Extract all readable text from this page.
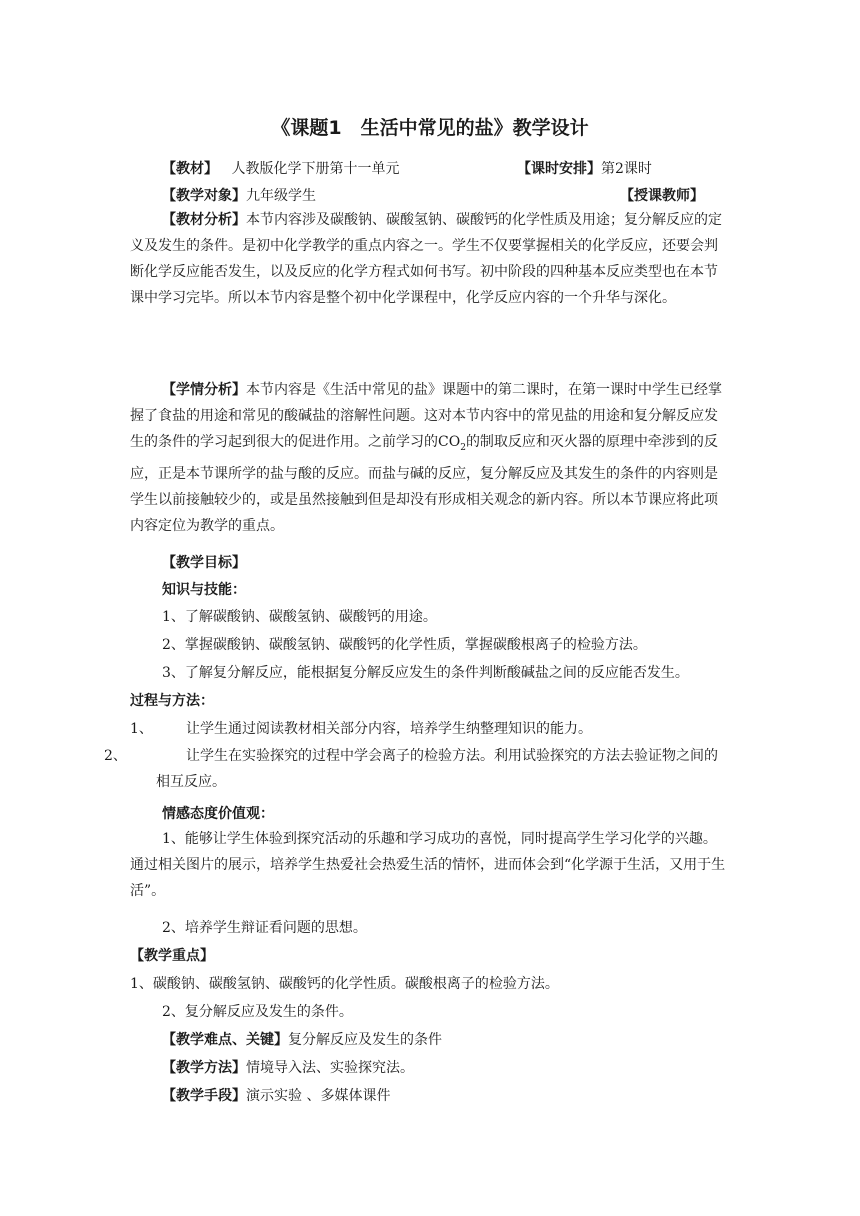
《课题1　生活中常见的盐》教学设计
【教材】 人教版化学下册第十一单元	【课时安排】第2课时
【教学对象】九年级学生	【授课教师】

【教材分析】本节内容涉及碳酸钠、碳酸氢钠、碳酸钙的化学性质及用途；复分解反应的定义及发生的条件。是初中化学教学的重点内容之一。学生不仅要掌握相关的化学反应，还要会判断化学反应能否发生，以及反应的化学方程式如何书写。初中阶段的四种基本反应类型也在本节课中学习完毕。所以本节内容是整个初中化学课程中，化学反应内容的一个升华与深化。

【学情分析】本节内容是《生活中常见的盐》课题中的第二课时，在第一课时中学生已经掌握了食盐的用途和常见的酸碱盐的溶解性问题。这对本节内容中的常见盐的用途和复分解反应发生的条件的学习起到很大的促进作用。之前学习的$CO_2$的制取反应和灭火器的原理中牵涉到的反应，正是本节课所学的盐与酸的反应。而盐与碱的反应，复分解反应及其发生的条件的内容则是学生以前接触较少的，或是虽然接触到但是却没有形成相关观念的新内容。所以本节课应将此项内容定位为教学的重点。

【教学目标】
知识与技能：
1、了解碳酸钠、碳酸氢钠、碳酸钙的用途。
2、掌握碳酸钠、碳酸氢钠、碳酸钙的化学性质，掌握碳酸根离子的检验方法。
3、了解复分解反应，能根据复分解反应发生的条件判断酸碱盐之间的反应能否发生。
过程与方法：
1、 让学生通过阅读教材相关部分内容，培养学生纳整理知识的能力。

2、	让学生在实验探究的过程中学会离子的检验方法。利用试验探究的方法去验证物之间的相互反应。

情感态度价值观：

1、能够让学生体验到探究活动的乐趣和学习成功的喜悦，同时提高学生学习化学的兴趣。通过相关图片的展示，培养学生热爱社会热爱生活的情怀，进而体会到“化学源于生活，又用于生活”。

2、培养学生辩证看问题的思想。
【教学重点】
1、碳酸钠、碳酸氢钠、碳酸钙的化学性质。碳酸根离子的检验方法。
2、复分解反应及发生的条件。
【教学难点、关键】复分解反应及发生的条件
【教学方法】情境导入法、实验探究法。
【教学手段】演示实验 、多媒体课件
